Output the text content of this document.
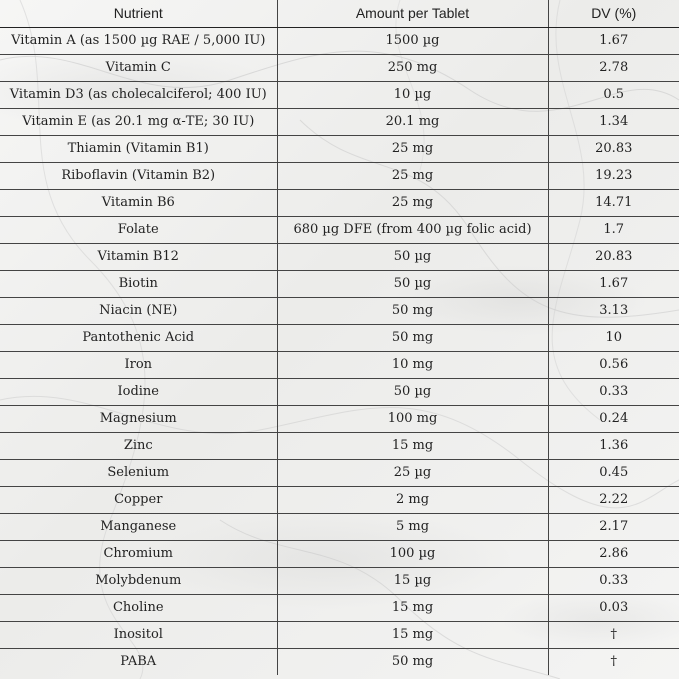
Nutrient	Amount per Tablet	DV (%)
Vitamin A (as 1500 µg RAE / 5,000 IU)	1500 µg	1.67
Vitamin C	250 mg	2.78
Vitamin D3 (as cholecalciferol; 400 IU)	10 µg	0.5
Vitamin E (as 20.1 mg α-TE; 30 IU)	20.1 mg	1.34
Thiamin (Vitamin B1)	25 mg	20.83
Riboflavin (Vitamin B2)	25 mg	19.23
Vitamin B6	25 mg	14.71
Folate	680 µg DFE (from 400 µg folic acid)	1.7
Vitamin B12	50 µg	20.83
Biotin	50 µg	1.67
Niacin (NE)	50 mg	3.13
Pantothenic Acid	50 mg	10
Iron	10 mg	0.56
Iodine	50 µg	0.33
Magnesium	100 mg	0.24
Zinc	15 mg	1.36
Selenium	25 µg	0.45
Copper	2 mg	2.22
Manganese	5 mg	2.17
Chromium	100 µg	2.86
Molybdenum	15 µg	0.33
Choline	15 mg	0.03
Inositol	15 mg	†
PABA	50 mg	†
